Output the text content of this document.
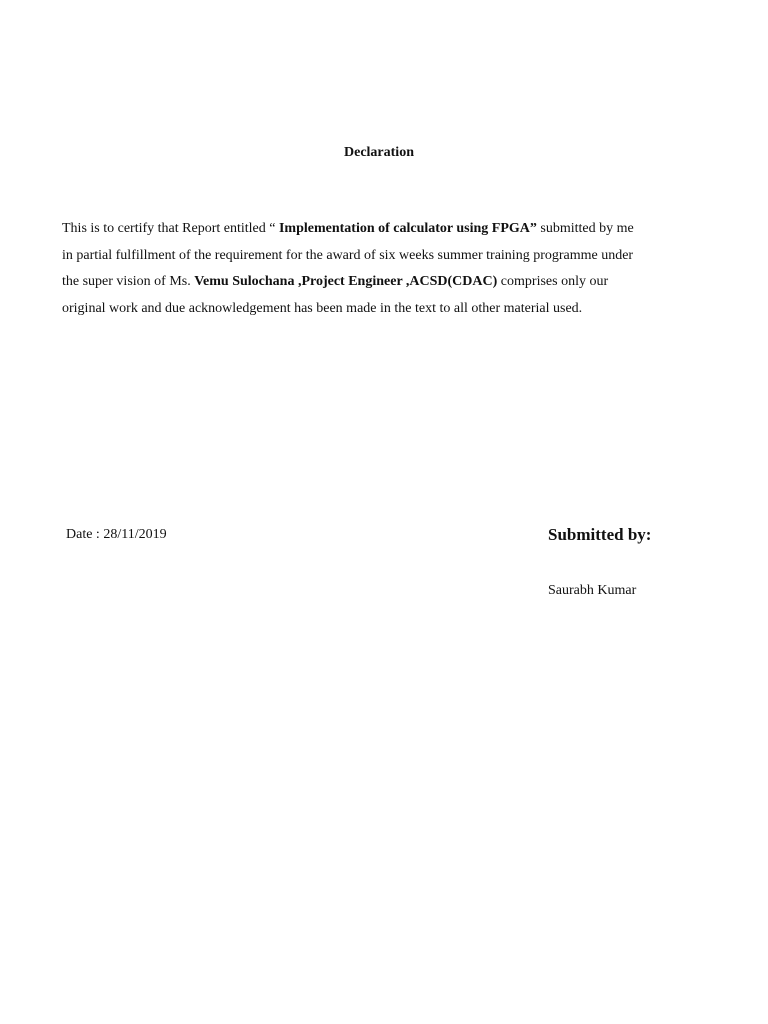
Declaration
This is to certify that Report entitled “ Implementation of calculator using FPGA” submitted by me
in partial fulfillment of the requirement for the award of six weeks summer training programme under
the super vision of Ms. Vemu Sulochana ,Project Engineer ,ACSD(CDAC) comprises only our
original work and due acknowledgement has been made in the text to all other material used.
Date : 28/11/2019	Submitted by:
Saurabh Kumar
